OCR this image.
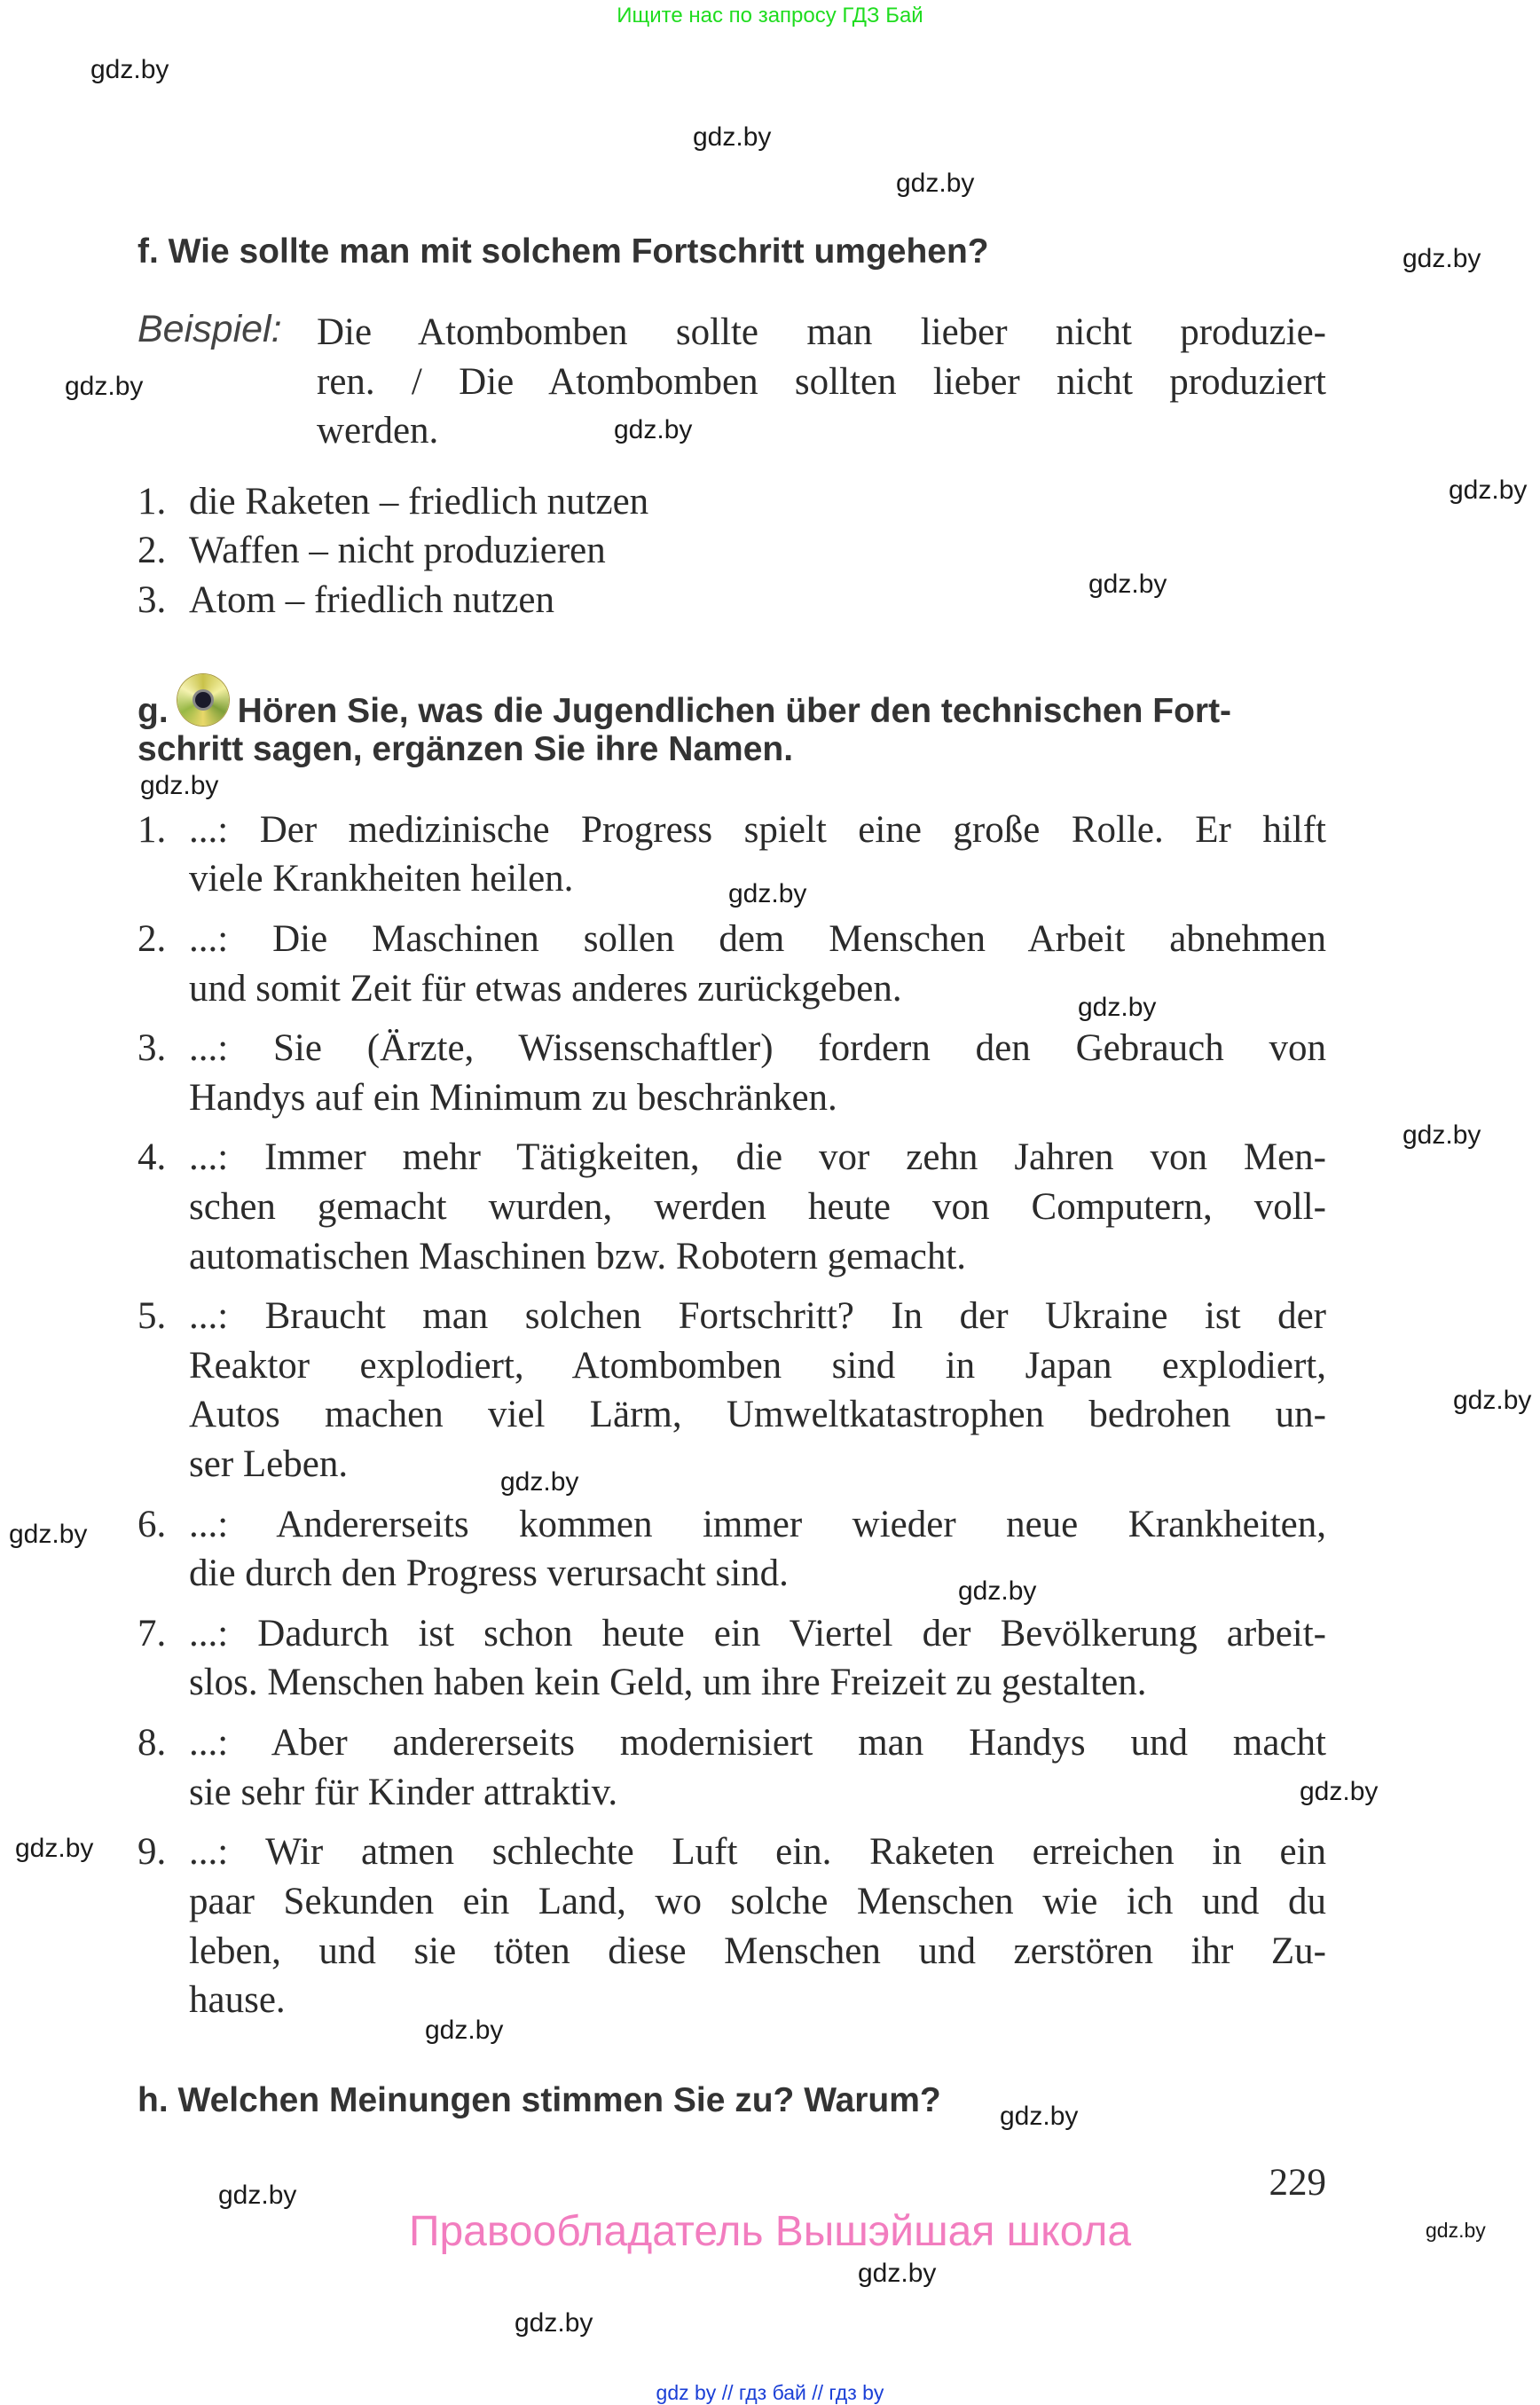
Ищите нас по запросу ГДЗ Бай
gdz.by
gdz.by
gdz.by
gdz.by
gdz.by
gdz.by
gdz.by
gdz.by
gdz.by
gdz.by
gdz.by
gdz.by
gdz.by
gdz.by
gdz.by
gdz.by
gdz.by
gdz.by
gdz.by
gdz.by
gdz.by
gdz.by
gdz.by
gdz.by
f. Wie sollte man mit solchem Fortschritt umgehen?
Beispiel: Die Atombomben sollte man lieber nicht produzie-
ren. / Die Atombomben sollten lieber nicht produziert
werden.
1. die Raketen – friedlich nutzen
2. Waffen – nicht produzieren
3. Atom – friedlich nutzen
g. Hören Sie, was die Jugendlichen über den technischen Fort-
schritt sagen, ergänzen Sie ihre Namen.
1. ...: Der medizinische Progress spielt eine große Rolle. Er hilft
viele Krankheiten heilen.
2. ...: Die Maschinen sollen dem Menschen Arbeit abnehmen
und somit Zeit für etwas anderes zurückgeben.
3. ...: Sie (Ärzte, Wissenschaftler) fordern den Gebrauch von
Handys auf ein Minimum zu beschränken.
4. ...: Immer mehr Tätigkeiten, die vor zehn Jahren von Men-
schen gemacht wurden, werden heute von Computern, voll-
automatischen Maschinen bzw. Robotern gemacht.
5. ...: Braucht man solchen Fortschritt? In der Ukraine ist der
Reaktor explodiert, Atombomben sind in Japan explodiert,
Autos machen viel Lärm, Umweltkatastrophen bedrohen un-
ser Leben.
6. ...: Andererseits kommen immer wieder neue Krankheiten,
die durch den Progress verursacht sind.
7. ...: Dadurch ist schon heute ein Viertel der Bevölkerung arbeit-
slos. Menschen haben kein Geld, um ihre Freizeit zu gestalten.
8. ...: Aber andererseits modernisiert man Handys und macht
sie sehr für Kinder attraktiv.
9. ...: Wir atmen schlechte Luft ein. Raketen erreichen in ein
paar Sekunden ein Land, wo solche Menschen wie ich und du
leben, und sie töten diese Menschen und zerstören ihr Zu-
hause.
h. Welchen Meinungen stimmen Sie zu? Warum?
229
Правообладатель Вышэйшая школа
gdz by // гдз бай // гдз by
